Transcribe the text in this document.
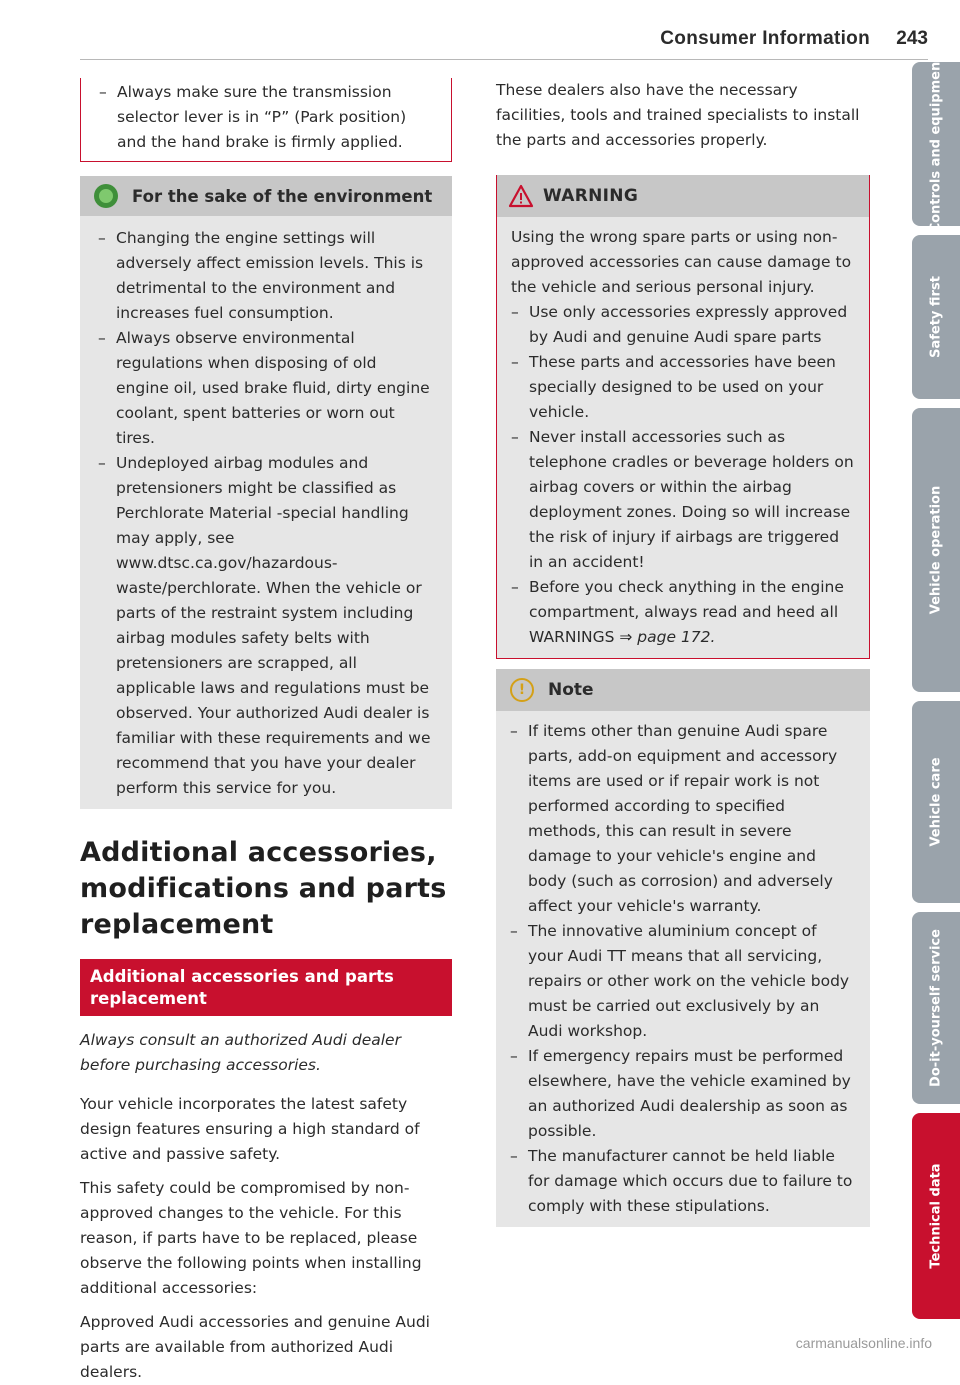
Consumer Information 243
– Always make sure the transmission selector lever is in “P” (Park position) and the hand brake is firmly applied.
For the sake of the environment
– Changing the engine settings will adversely affect emission levels. This is detrimental to the environment and increases fuel consumption.
– Always observe environmental regulations when disposing of old engine oil, used brake fluid, dirty engine coolant, spent batteries or worn out tires.
– Undeployed airbag modules and pretensioners might be classified as Perchlorate Material -special handling may apply, see www.dtsc.ca.gov/hazardous-waste/perchlorate. When the vehicle or parts of the restraint system including airbag modules safety belts with pretensioners are scrapped, all applicable laws and regulations must be observed. Your authorized Audi dealer is familiar with these requirements and we recommend that you have your dealer perform this service for you.
Additional accessories, modifications and parts replacement
Additional accessories and parts replacement
Always consult an authorized Audi dealer before purchasing accessories.
Your vehicle incorporates the latest safety design features ensuring a high standard of active and passive safety.
This safety could be compromised by non-approved changes to the vehicle. For this reason, if parts have to be replaced, please observe the following points when installing additional accessories:
Approved Audi accessories and genuine Audi parts are available from authorized Audi dealers.
These dealers also have the necessary facilities, tools and trained specialists to install the parts and accessories properly.
WARNING
Using the wrong spare parts or using non-approved accessories can cause damage to the vehicle and serious personal injury.
– Use only accessories expressly approved by Audi and genuine Audi spare parts
– These parts and accessories have been specially designed to be used on your vehicle.
– Never install accessories such as telephone cradles or beverage holders on airbag covers or within the airbag deployment zones. Doing so will increase the risk of injury if airbags are triggered in an accident!
– Before you check anything in the engine compartment, always read and heed all WARNINGS ⇒ page 172.
!	Note
– If items other than genuine Audi spare parts, add-on equipment and accessory items are used or if repair work is not performed according to specified methods, this can result in severe damage to your vehicle's engine and body (such as corrosion) and adversely affect your vehicle's warranty.
– The innovative aluminium concept of your Audi TT means that all servicing, repairs or other work on the vehicle body must be carried out exclusively by an Audi workshop.
– If emergency repairs must be performed elsewhere, have the vehicle examined by an authorized Audi dealership as soon as possible.
– The manufacturer cannot be held liable for damage which occurs due to failure to comply with these stipulations.
Controls and equipment
Safety first
Vehicle operation
Vehicle care
Do-it-yourself service
Technical data
carmanualsonline.info
